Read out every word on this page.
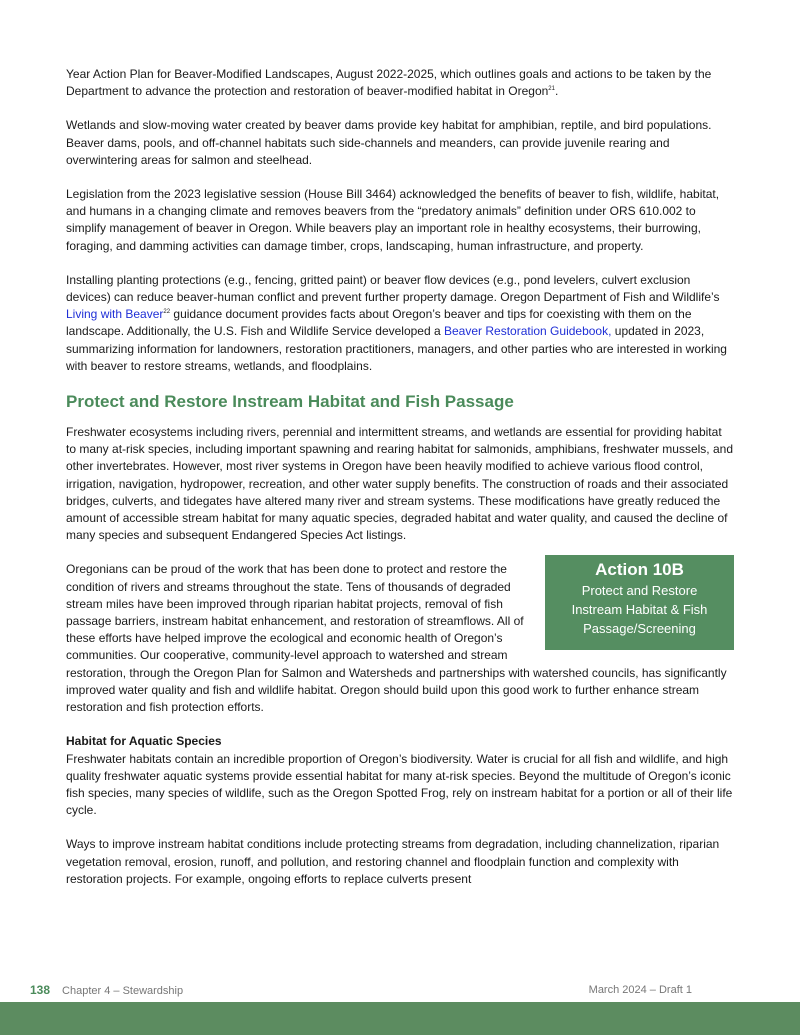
Year Action Plan for Beaver-Modified Landscapes, August 2022-2025, which outlines goals and actions to be taken by the Department to advance the protection and restoration of beaver-modified habitat in Oregon$^{21}$.

Wetlands and slow-moving water created by beaver dams provide key habitat for amphibian, reptile, and bird populations. Beaver dams, pools, and off-channel habitats such side-channels and meanders, can provide juvenile rearing and overwintering areas for salmon and steelhead.

Legislation from the 2023 legislative session (House Bill 3464) acknowledged the benefits of beaver to fish, wildlife, habitat, and humans in a changing climate and removes beavers from the “predatory animals” definition under ORS 610.002 to simplify management of beaver in Oregon. While beavers play an important role in healthy ecosystems, their burrowing, foraging, and damming activities can damage timber, crops, landscaping, human infrastructure, and property.

Installing planting protections (e.g., fencing, gritted paint) or beaver flow devices (e.g., pond levelers, culvert exclusion devices) can reduce beaver-human conflict and prevent further property damage. Oregon Department of Fish and Wildlife’s Living with Beaver$^{22}$ guidance document provides facts about Oregon’s beaver and tips for coexisting with them on the landscape. Additionally, the U.S. Fish and Wildlife Service developed a Beaver Restoration Guidebook, updated in 2023, summarizing information for landowners, restoration practitioners, managers, and other parties who are interested in working with beaver to restore streams, wetlands, and floodplains.

Protect and Restore Instream Habitat and Fish Passage

Freshwater ecosystems including rivers, perennial and intermittent streams, and wetlands are essential for providing habitat to many at-risk species, including important spawning and rearing habitat for salmonids, amphibians, freshwater mussels, and other invertebrates. However, most river systems in Oregon have been heavily modified to achieve various flood control, irrigation, navigation, hydropower, recreation, and other water supply benefits. The construction of roads and their associated bridges, culverts, and tidegates have altered many river and stream systems. These modifications have greatly reduced the amount of accessible stream habitat for many aquatic species, degraded habitat and water quality, and caused the decline of many species and subsequent Endangered Species Act listings.

Action 10B
Protect and Restore
Instream Habitat & Fish
Passage/Screening

Oregonians can be proud of the work that has been done to protect and restore the condition of rivers and streams throughout the state. Tens of thousands of degraded stream miles have been improved through riparian habitat projects, removal of fish passage barriers, instream habitat enhancement, and restoration of streamflows. All of these efforts have helped improve the ecological and economic health of Oregon’s communities. Our cooperative, community-level approach to watershed and stream restoration, through the Oregon Plan for Salmon and Watersheds and partnerships with watershed councils, has significantly improved water quality and fish and wildlife habitat. Oregon should build upon this good work to further enhance stream restoration and fish protection efforts.

Habitat for Aquatic Species

Freshwater habitats contain an incredible proportion of Oregon’s biodiversity. Water is crucial for all fish and wildlife, and high quality freshwater aquatic systems provide essential habitat for many at-risk species. Beyond the multitude of Oregon’s iconic fish species, many species of wildlife, such as the Oregon Spotted Frog, rely on instream habitat for a portion or all of their life cycle.

Ways to improve instream habitat conditions include protecting streams from degradation, including channelization, riparian vegetation removal, erosion, runoff, and pollution, and restoring channel and floodplain function and complexity with restoration projects. For example, ongoing efforts to replace culverts present

138 Chapter 4 – Stewardship	March 2024 – Draft 1
